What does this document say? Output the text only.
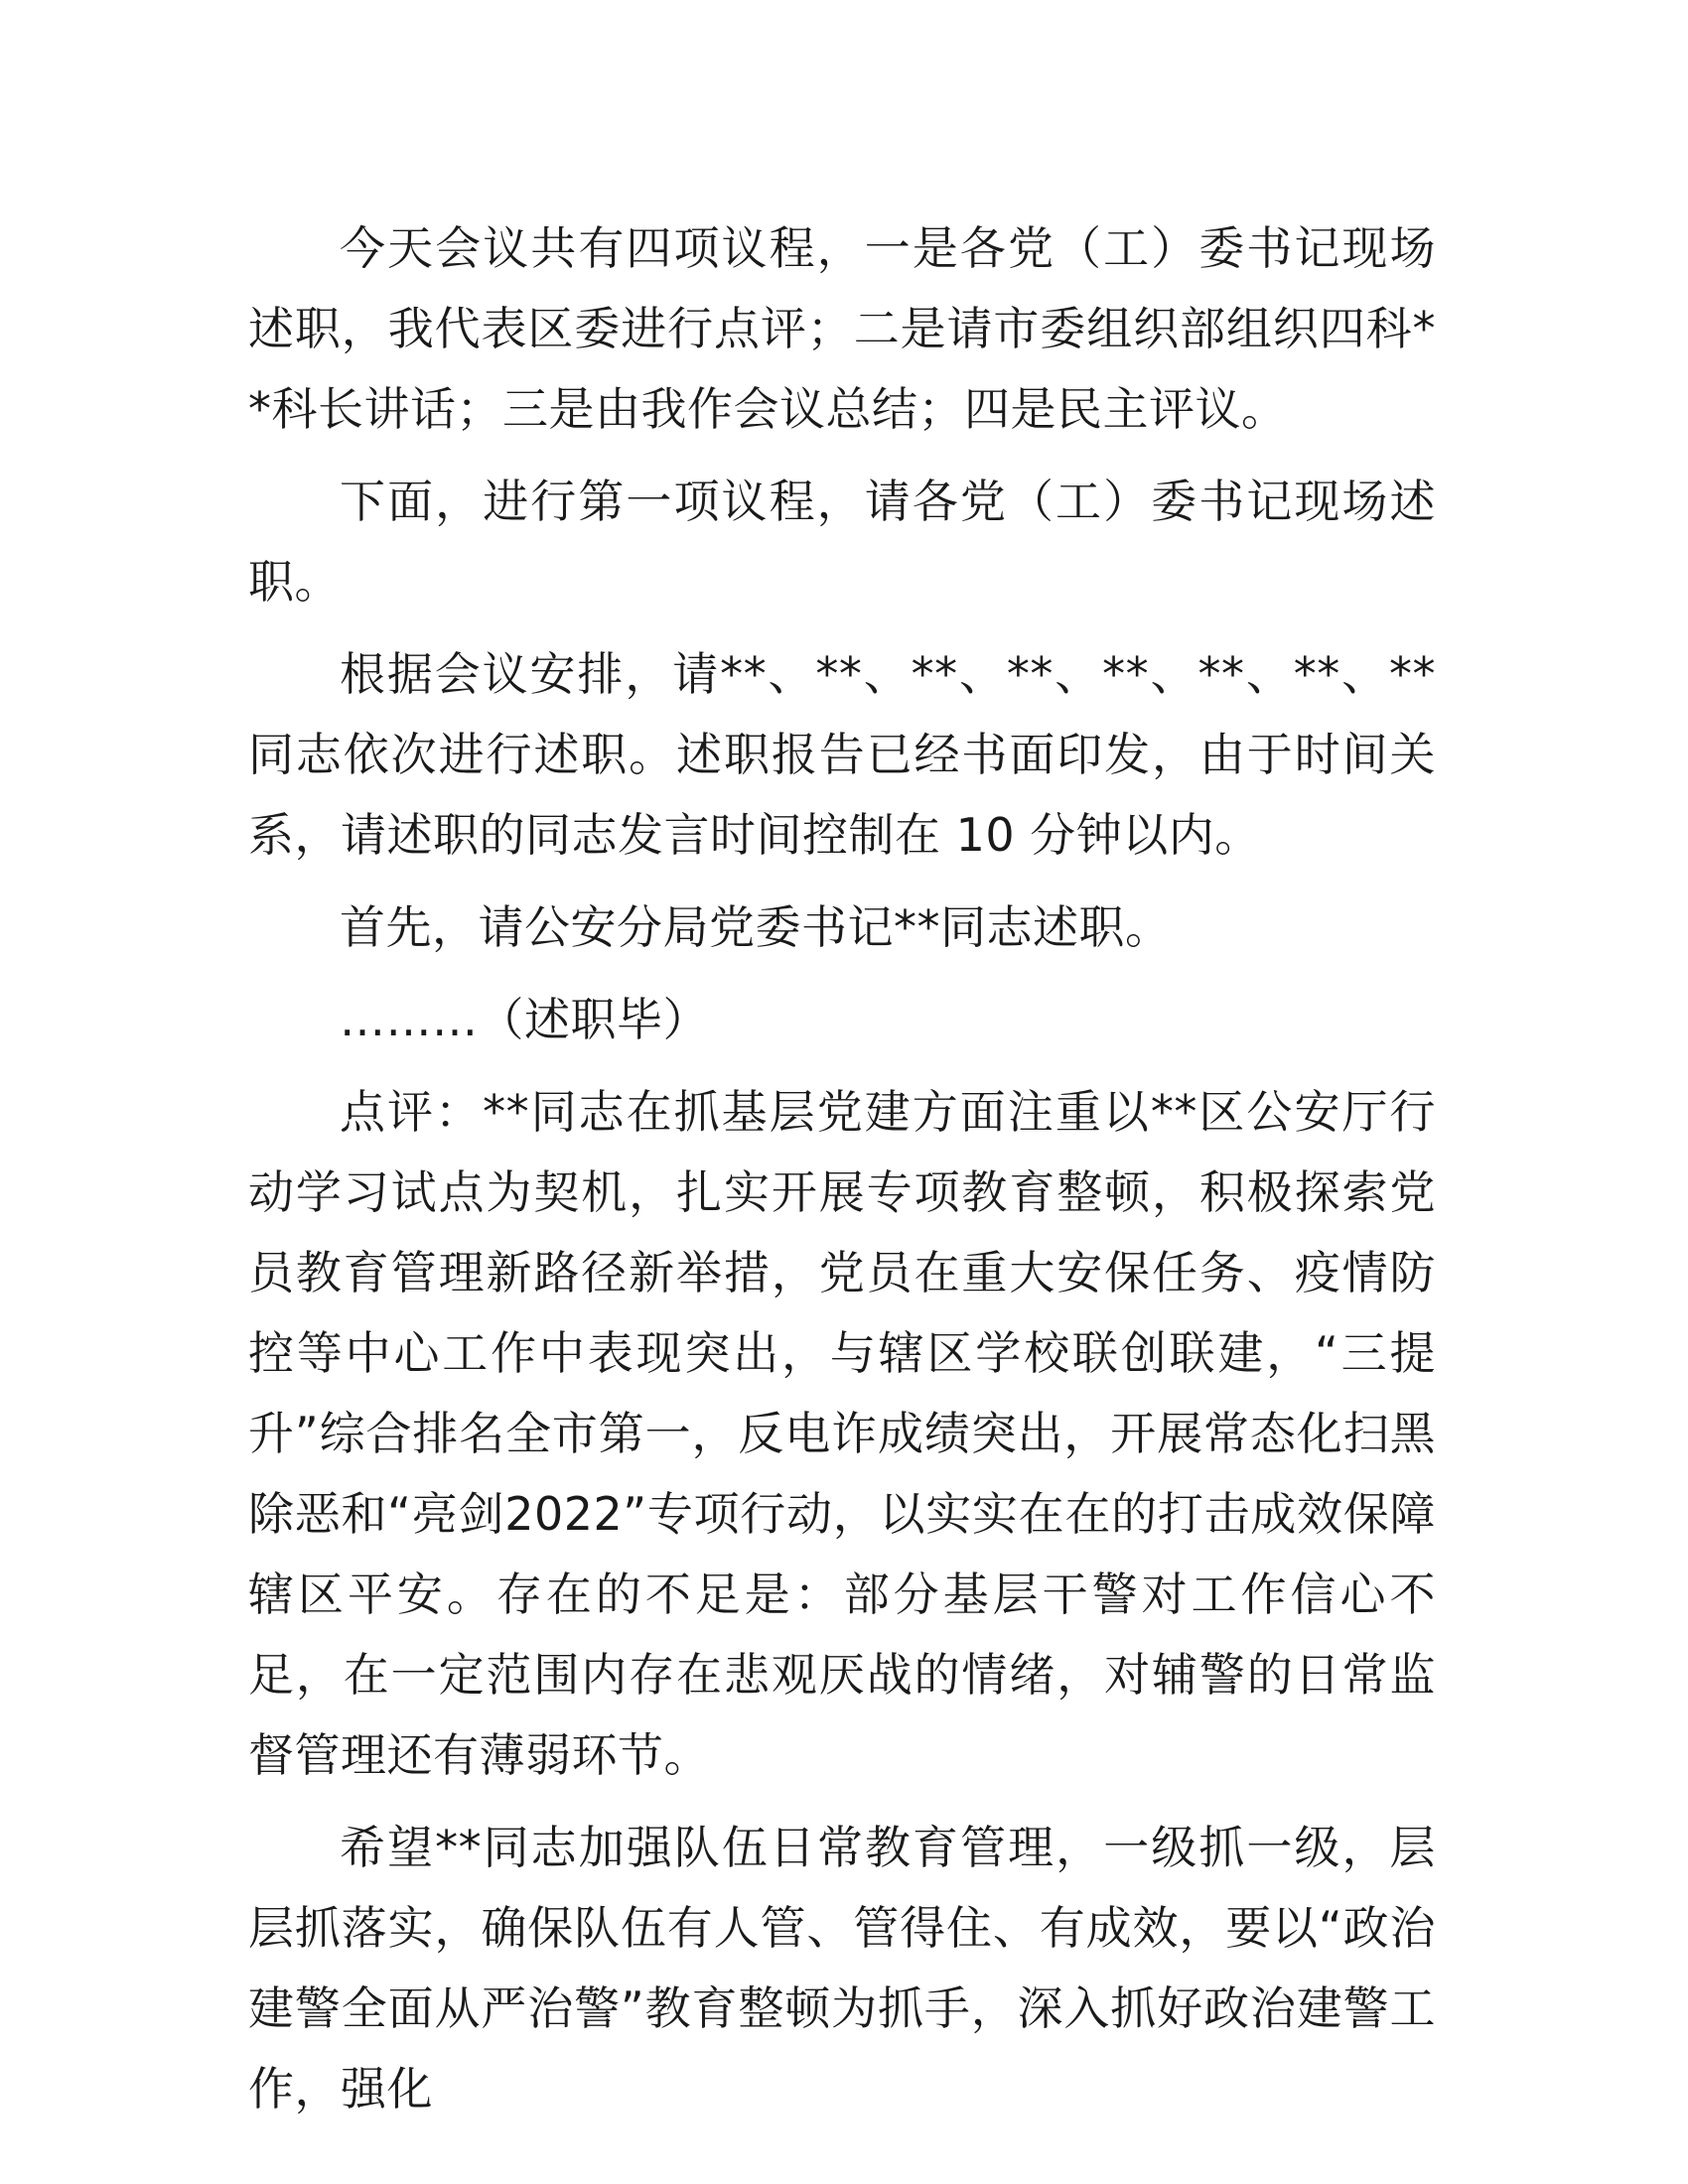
今天会议共有四项议程，一是各党（工）委书记现场述职，我代表区委进行点评；二是请市委组织部组织四科**科长讲话；三是由我作会议总结；四是民主评议。

下面，进行第一项议程，请各党（工）委书记现场述职。

根据会议安排，请**、**、**、**、**、**、**、**同志依次进行述职。述职报告已经书面印发，由于时间关系，请述职的同志发言时间控制在 10 分钟以内。

首先，请公安分局党委书记**同志述职。

………（述职毕）

点评：**同志在抓基层党建方面注重以**区公安厅行动学习试点为契机，扎实开展专项教育整顿，积极探索党员教育管理新路径新举措，党员在重大安保任务、疫情防控等中心工作中表现突出，与辖区学校联创联建，“三提升”综合排名全市第一，反电诈成绩突出，开展常态化扫黑除恶和“亮剑2022”专项行动，以实实在在的打击成效保障辖区平安。存在的不足是：部分基层干警对工作信心不足，在一定范围内存在悲观厌战的情绪，对辅警的日常监督管理还有薄弱环节。

希望**同志加强队伍日常教育管理，一级抓一级，层层抓落实，确保队伍有人管、管得住、有成效，要以“政治建警全面从严治警”教育整顿为抓手，深入抓好政治建警工作，强化
